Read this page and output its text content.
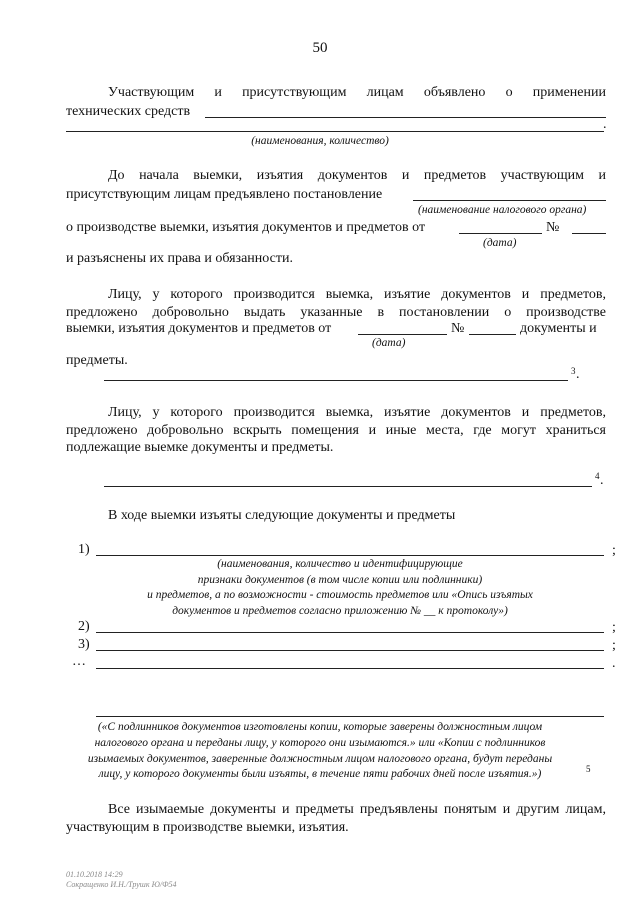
50
Участвующим и присутствующим лицам объявлено о применении
технических средств
.
(наименования, количество)
До начала выемки, изъятия документов и предметов участвующим и
присутствующим лицам предъявлено постановление
(наименование налогового органа)
о производстве выемки, изъятия документов и предметов от	№
(дата)
и разъяснены их права и обязанности.
Лицу, у которого производится выемка, изъятие документов и предметов,
предложено добровольно выдать указанные в постановлении о производстве
выемки, изъятия документов и предметов от	№	документы и
(дата)
предметы.
3 .
Лицу, у которого производится выемка, изъятие документов и предметов,
предложено добровольно вскрыть помещения и иные места, где могут храниться
подлежащие выемке документы и предметы.
4 .
В ходе выемки изъяты следующие документы и предметы
1)	;
(наименования, количество и идентифицирующие
признаки документов (в том числе копии или подлинники)
и предметов, а по возможности - стоимость предметов или «Опись изъятых
документов и предметов согласно приложению № __ к протоколу»)
2)	;
3)	;
…	.
(«С подлинников документов изготовлены копии, которые заверены должностным лицом
налогового органа и переданы лицу, у которого они изымаются.» или «Копии с подлинников
изымаемых документов, заверенные должностным лицом налогового органа, будут переданы
лицу, у которого документы были изъяты, в течение пяти рабочих дней после изъятия.»)	5
Все изымаемые документы и предметы предъявлены понятым и другим лицам,
участвующим в производстве выемки, изъятия.
01.10.2018 14:29
Сокращенко И.Н./Трушк Ю/Ф54
